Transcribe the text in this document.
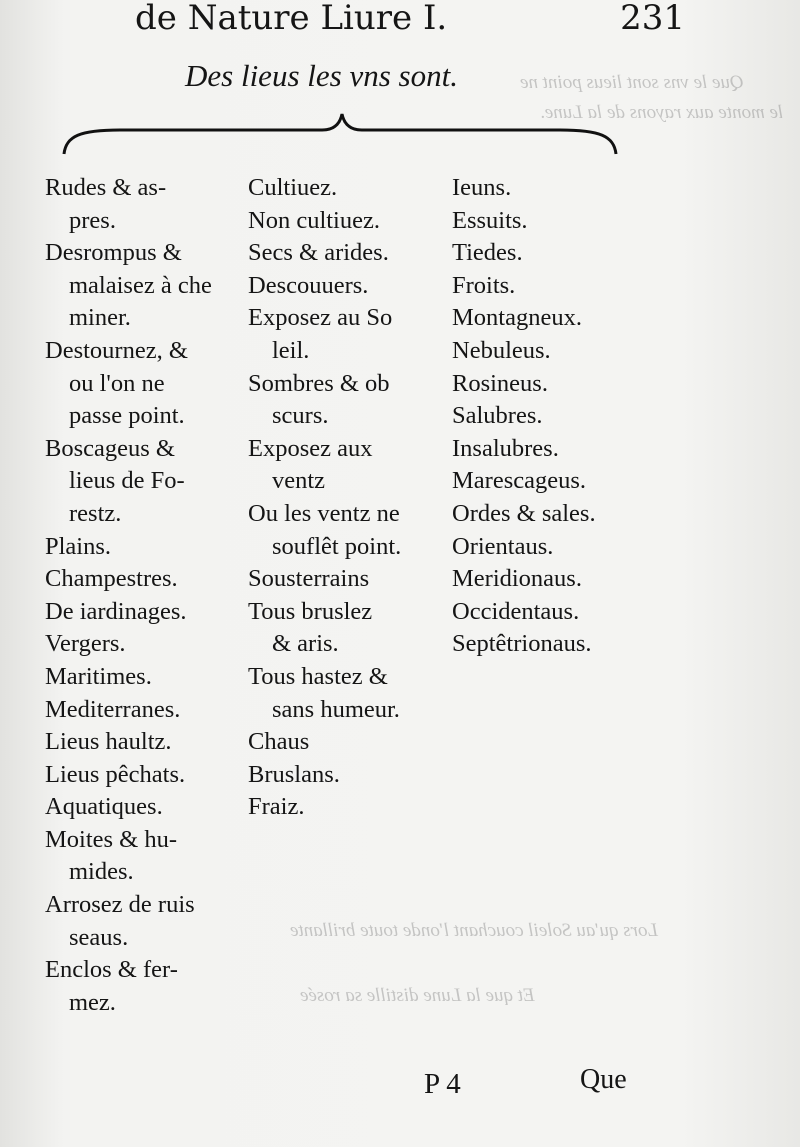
Que le vns sont lieus point ne
le monte aux rayons de la Lune.
Lors qu'au Soleil couchant l'onde toute brillante
Et que la Lune distille sa rosée
de Nature Liure I.	231
Des lieus les vns sont.
Rudes & as-
pres.
Desrompus &
malaisez à che
miner.
Destournez, &
ou l'on ne
passe point.
Boscageus &
lieus de Fo-
restz.
Plains.
Champestres.
De iardinages.
Vergers.
Maritimes.
Mediterranes.
Lieus haultz.
Lieus pêchats.
Aquatiques.
Moites & hu-
mides.
Arrosez de ruis
seaus.
Enclos & fer-
mez.
Cultiuez.
Non cultiuez.
Secs & arides.
Descouuers.
Exposez au So
leil.
Sombres & ob
scurs.
Exposez aux
ventz
Ou les ventz ne
souflêt point.
Sousterrains
Tous bruslez
& aris.
Tous hastez &
sans humeur.
Chaus
Bruslans.
Fraiz.
Ieuns.
Essuits.
Tiedes.
Froits.
Montagneux.
Nebuleus.
Rosineus.
Salubres.
Insalubres.
Marescageus.
Ordes & sales.
Orientaus.
Meridionaus.
Occidentaus.
Septêtrionaus.
P 4	Que
